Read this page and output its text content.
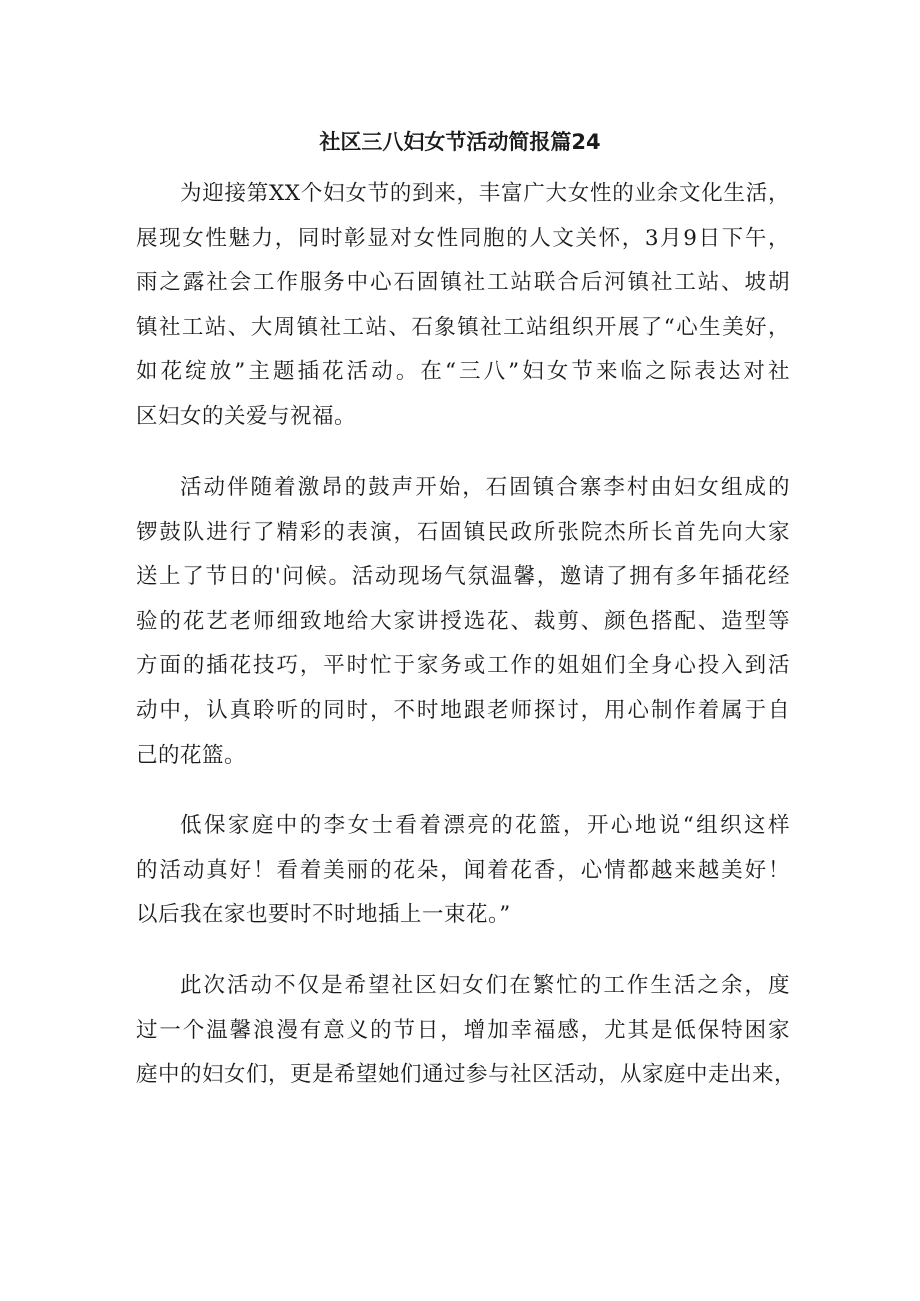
社区三八妇女节活动简报篇24

为迎接第XX个妇女节的到来，丰富广大女性的业余文化生活，
展现女性魅力，同时彰显对女性同胞的人文关怀，3月9日下午，
雨之露社会工作服务中心石固镇社工站联合后河镇社工站、坡胡
镇社工站、大周镇社工站、石象镇社工站组织开展了“心生美好，
如花绽放”主题插花活动。在“三八”妇女节来临之际表达对社
区妇女的关爱与祝福。

活动伴随着激昂的鼓声开始，石固镇合寨李村由妇女组成的
锣鼓队进行了精彩的表演，石固镇民政所张院杰所长首先向大家
送上了节日的'问候。活动现场气氛温馨，邀请了拥有多年插花经
验的花艺老师细致地给大家讲授选花、裁剪、颜色搭配、造型等
方面的插花技巧，平时忙于家务或工作的姐姐们全身心投入到活
动中，认真聆听的同时，不时地跟老师探讨，用心制作着属于自
己的花篮。

低保家庭中的李女士看着漂亮的花篮，开心地说“组织这样
的活动真好！看着美丽的花朵，闻着花香，心情都越来越美好！
以后我在家也要时不时地插上一束花。”

此次活动不仅是希望社区妇女们在繁忙的工作生活之余，度
过一个温馨浪漫有意义的节日，增加幸福感，尤其是低保特困家
庭中的妇女们，更是希望她们通过参与社区活动，从家庭中走出来，
